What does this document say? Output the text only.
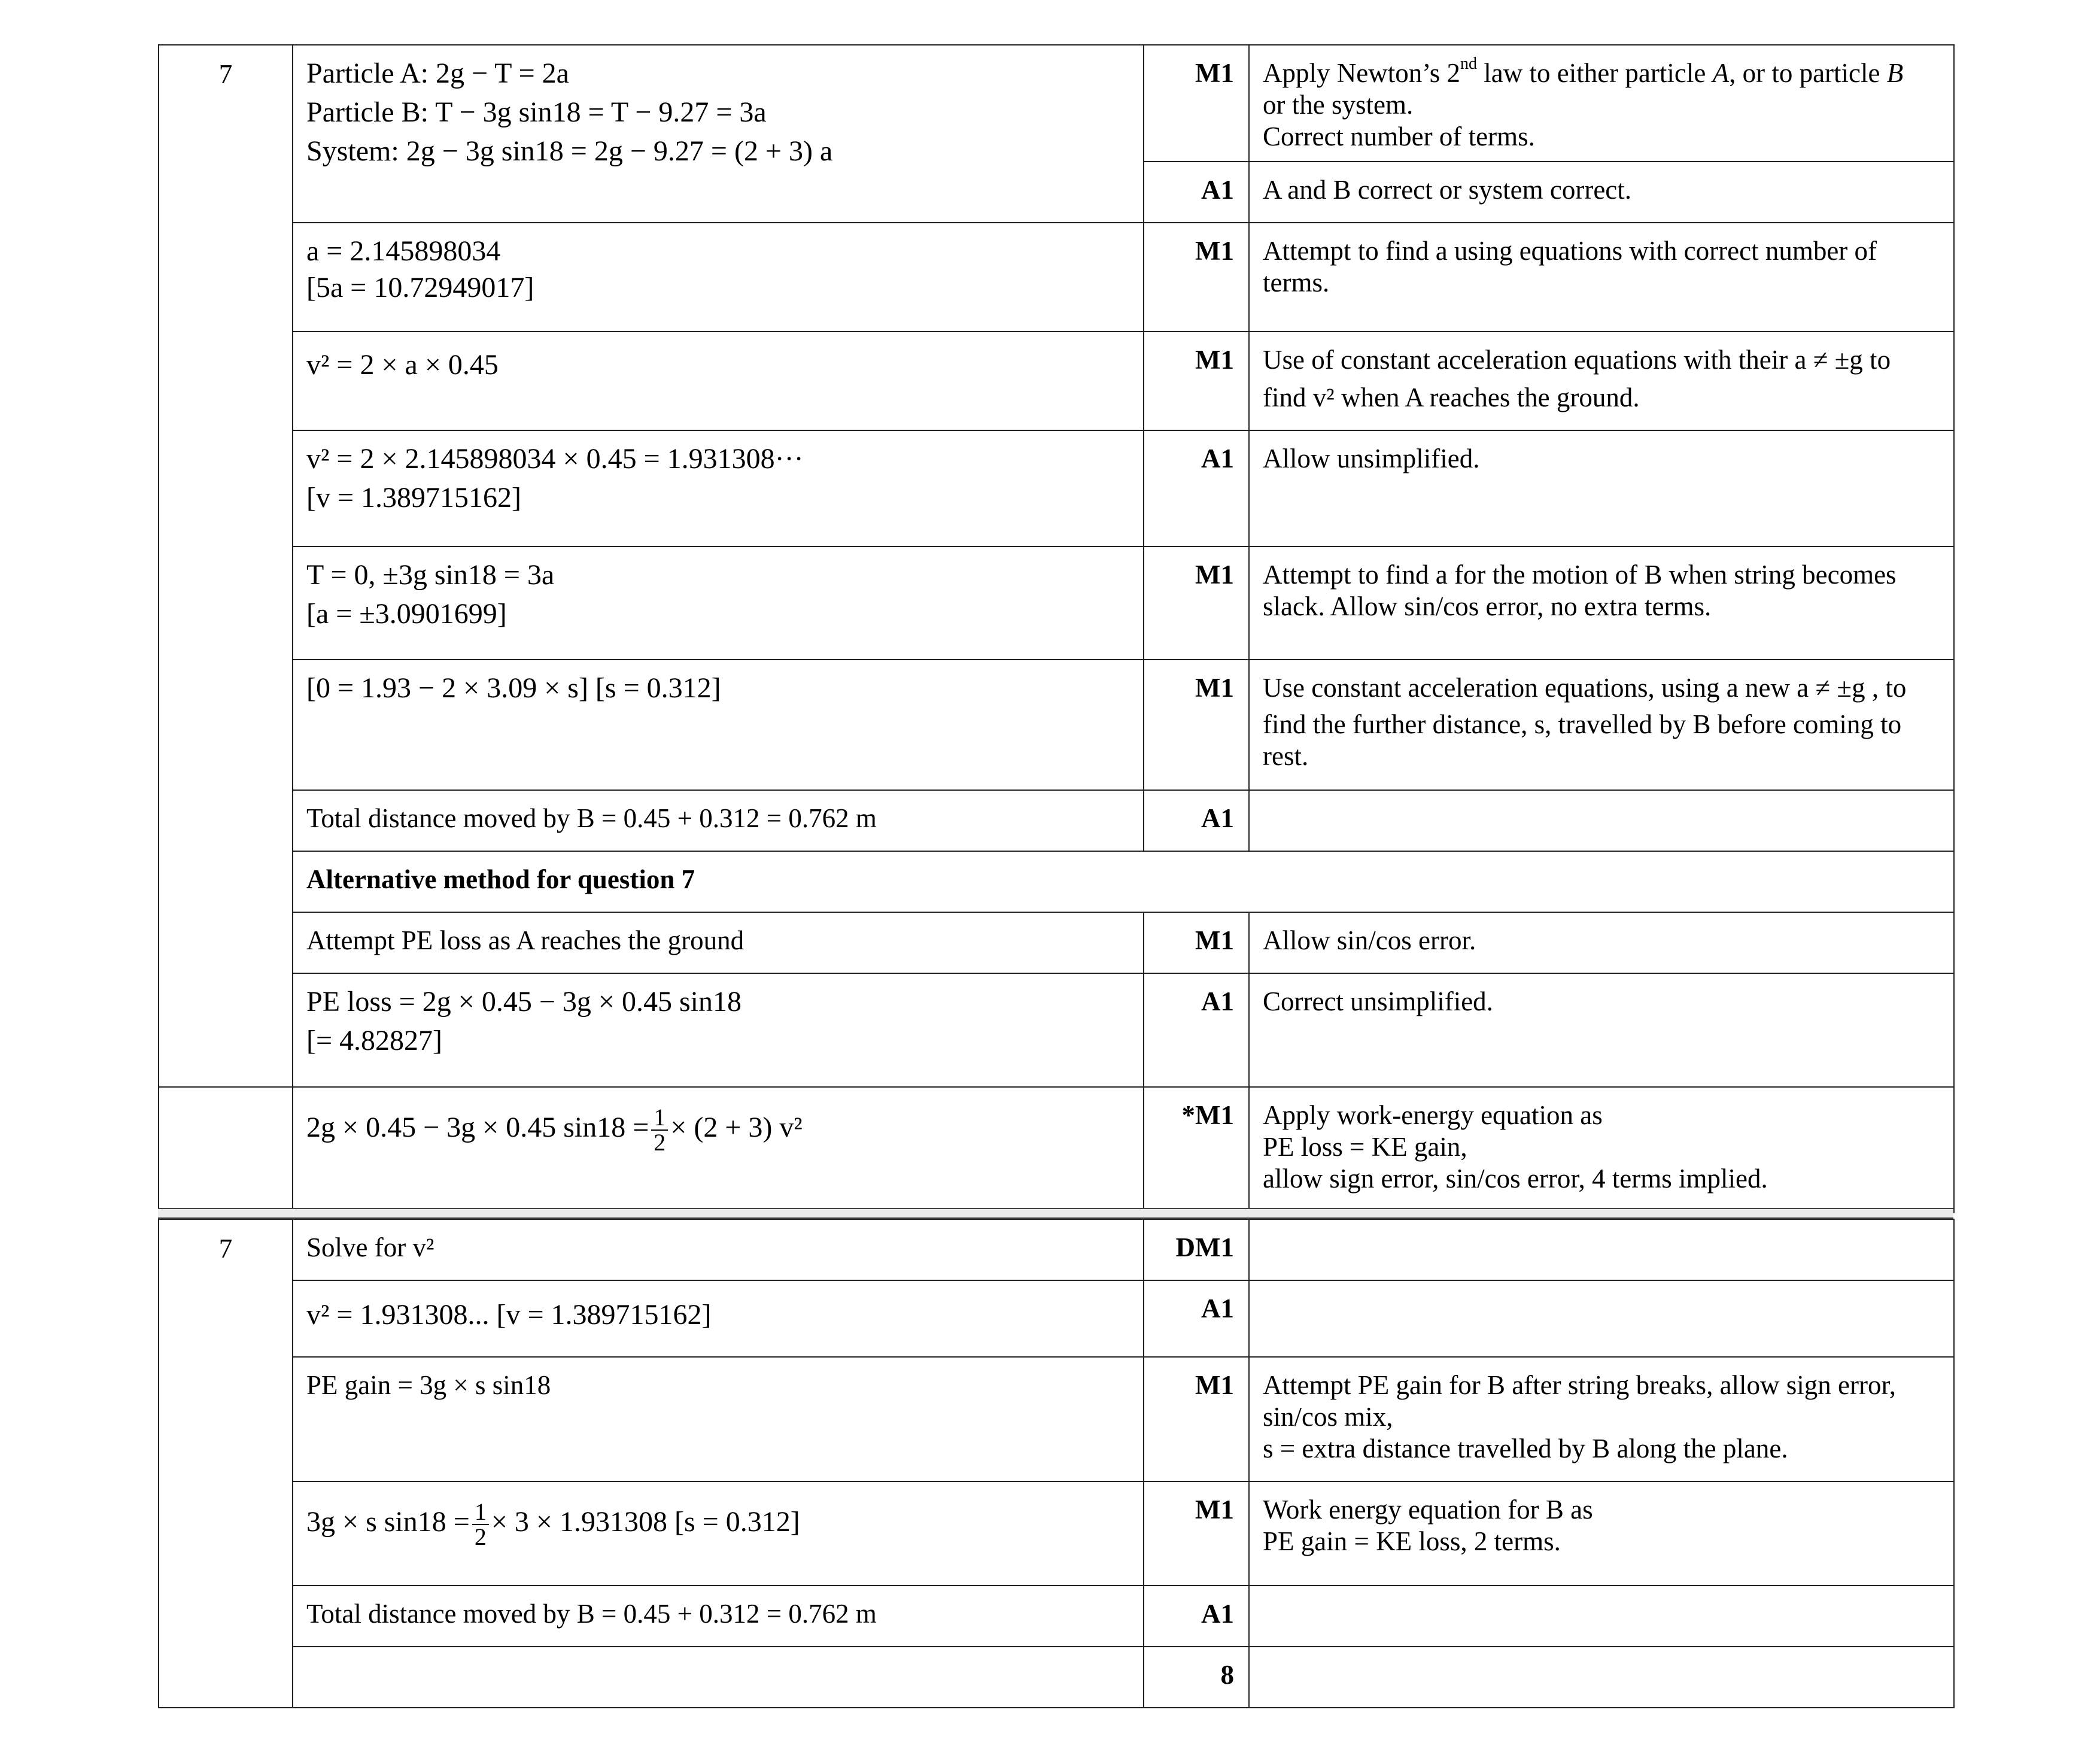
7	Particle A: 2g − T = 2a
Particle B: T − 3g sin18 = T − 9.27 = 3a
System: 2g − 3g sin18 = 2g − 9.27 = (2 + 3) a	M1	Apply Newton’s 2nd law to either particle A, or to particle B
or the system.
Correct number of terms.

		A1	A and B correct or system correct.

	a = 2.145898034
[5a = 10.72949017]	M1	Attempt to find a using equations with correct number of
terms.

	v² = 2 × a × 0.45	M1	Use of constant acceleration equations with their a ≠ ±g to
find v² when A reaches the ground.

	v² = 2 × 2.145898034 × 0.45 = 1.931308···
[v = 1.389715162]	A1	Allow unsimplified.

	T = 0, ±3g sin18 = 3a
[a = ±3.0901699]	M1	Attempt to find a for the motion of B when string becomes
slack. Allow sin/cos error, no extra terms.

	[0 = 1.93 − 2 × 3.09 × s] [s = 0.312]	M1	Use constant acceleration equations, using a new a ≠ ±g , to
find the further distance, s, travelled by B before coming to
rest.

	Total distance moved by B = 0.45 + 0.312 = 0.762 m	A1	
	Alternative method for question 7		
	Attempt PE loss as A reaches the ground	M1	Allow sin/cos error.

	PE loss = 2g × 0.45 − 3g × 0.45 sin18
[= 4.82827]	A1	Correct unsimplified.

	2g × 0.45 − 3g × 0.45 $\sin 18 = \frac{1}{2} \times (2 + 3)$ v²	*M1	Apply work-energy equation as
PE loss = KE gain,
allow sign error, sin/cos error, 4 terms implied.
7	Solve for v²	DM1	

	v² = 1.931308... [v = 1.389715162]	A1	
	PE gain = 3g × s sin18	M1	Attempt PE gain for B after string breaks, allow sign error,
sin/cos mix,
s = extra distance travelled by B along the plane.

	3g × s $\sin 18 = \frac{1}{2} \times 3 \times 1.931308$ [s = 0.312]	M1	Work energy equation for B as
PE gain = KE loss, 2 terms.

	Total distance moved by B = 0.45 + 0.312 = 0.762 m	A1	
		8	
